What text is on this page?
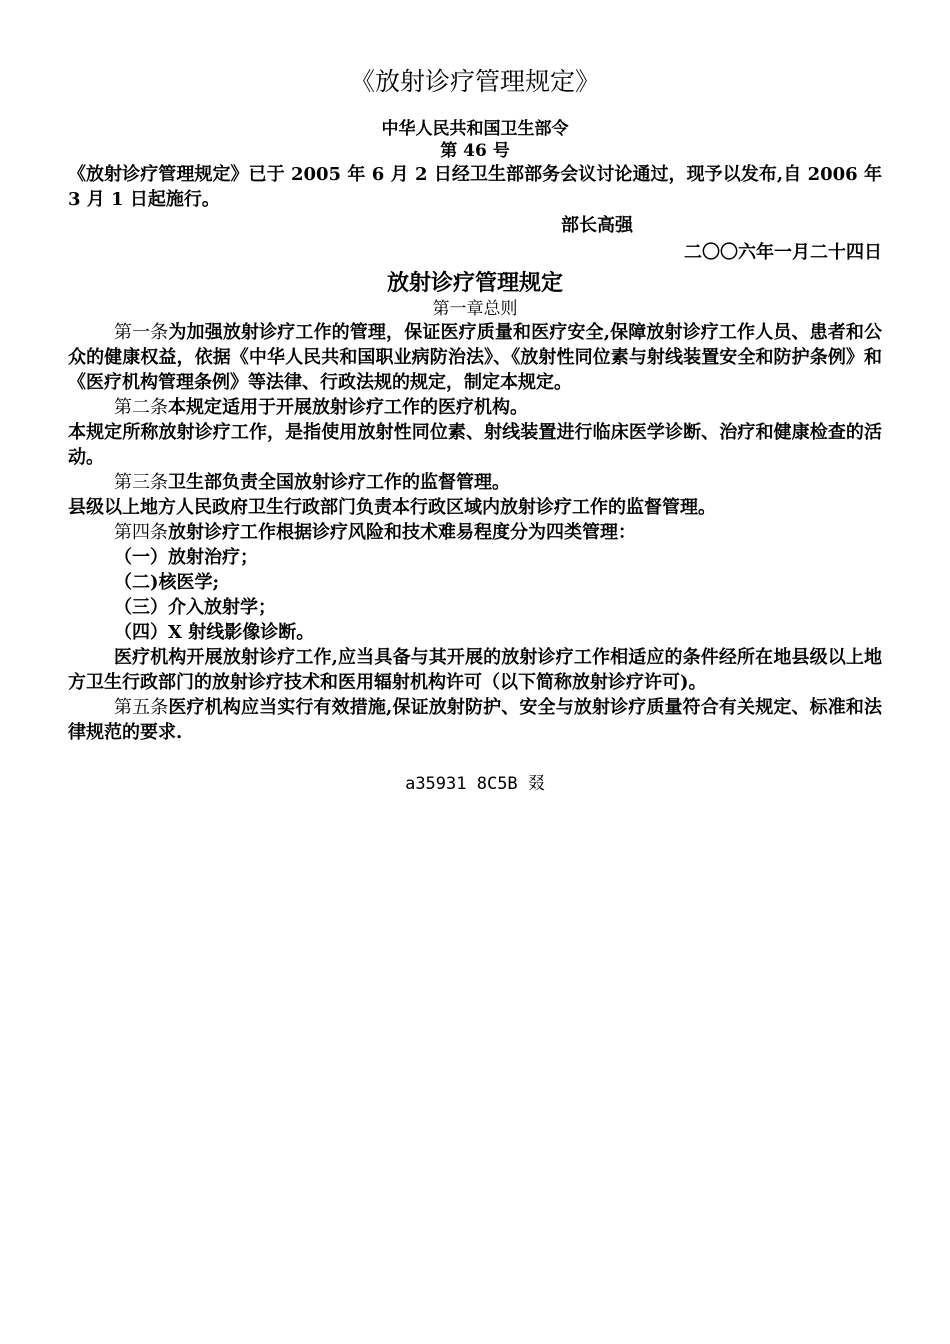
《放射诊疗管理规定》
中华人民共和国卫生部令
第 46 号

《放射诊疗管理规定》已于 2005 年 6 月 2 日经卫生部部务会议讨论通过，现予以发布,自 2006 年 3 月 1 日起施行。

部长高强
二〇〇六年一月二十四日
放射诊疗管理规定
第一章总则

第一条为加强放射诊疗工作的管理，保证医疗质量和医疗安全,保障放射诊疗工作人员、患者和公众的健康权益，依据《中华人民共和国职业病防治法》、《放射性同位素与射线装置安全和防护条例》和《医疗机构管理条例》等法律、行政法规的规定，制定本规定。

第二条本规定适用于开展放射诊疗工作的医疗机构。

本规定所称放射诊疗工作，是指使用放射性同位素、射线装置进行临床医学诊断、治疗和健康检查的活动。

第三条卫生部负责全国放射诊疗工作的监督管理。

县级以上地方人民政府卫生行政部门负责本行政区域内放射诊疗工作的监督管理。

第四条放射诊疗工作根据诊疗风险和技术难易程度分为四类管理：

（一）放射治疗；
（二)核医学;
（三）介入放射学；
（四）X 射线影像诊断。

医疗机构开展放射诊疗工作,应当具备与其开展的放射诊疗工作相适应的条件经所在地县级以上地方卫生行政部门的放射诊疗技术和医用辐射机构许可（以下简称放射诊疗许可)。

第五条医疗机构应当实行有效措施,保证放射防护、安全与放射诊疗质量符合有关规定、标准和法律规范的要求.

a35931 8C5B 叕
